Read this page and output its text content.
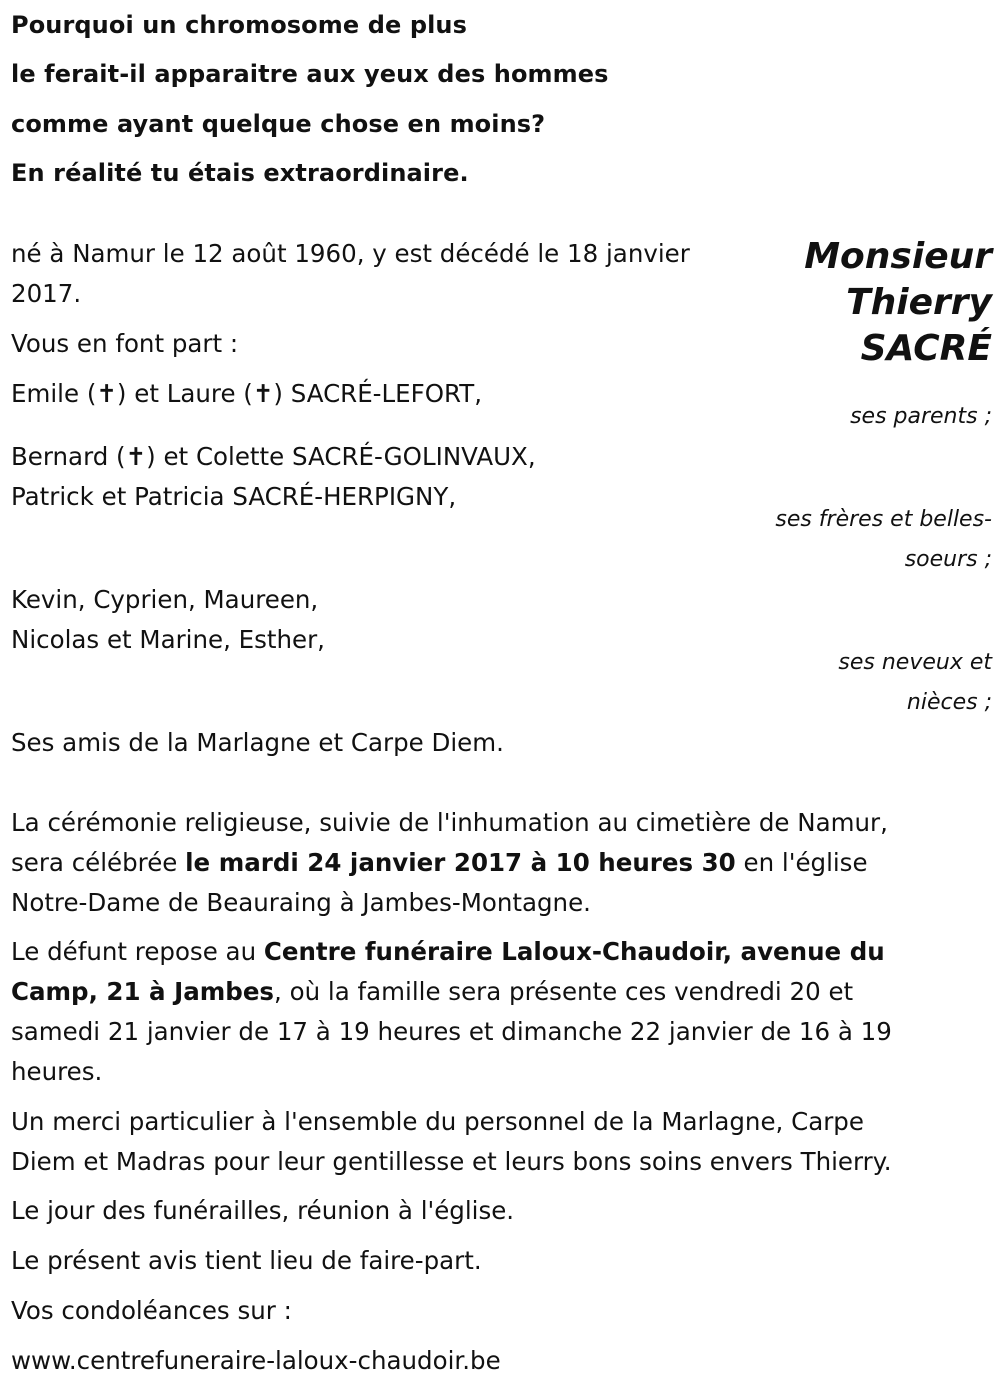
Pourquoi un chromosome de plus
le ferait-il apparaitre aux yeux des hommes
comme ayant quelque chose en moins?
En réalité tu étais extraordinaire.
Monsieur
Thierry
SACRÉ
né à Namur le 12 août 1960, y est décédé le 18 janvier
2017.
Vous en font part :
Emile (✝) et Laure (✝) SACRÉ-LEFORT,
ses parents ;
Bernard (✝) et Colette SACRÉ-GOLINVAUX,
Patrick et Patricia SACRÉ-HERPIGNY,
ses frères et belles-
soeurs ;
Kevin, Cyprien, Maureen,
Nicolas et Marine, Esther,
ses neveux et
nièces ;
Ses amis de la Marlagne et Carpe Diem.
La cérémonie religieuse, suivie de l'inhumation au cimetière de Namur,
sera célébrée le mardi 24 janvier 2017 à 10 heures 30 en l'église
Notre-Dame de Beauraing à Jambes-Montagne.
Le défunt repose au Centre funéraire Laloux-Chaudoir, avenue du
Camp, 21 à Jambes, où la famille sera présente ces vendredi 20 et
samedi 21 janvier de 17 à 19 heures et dimanche 22 janvier de 16 à 19
heures.
Un merci particulier à l'ensemble du personnel de la Marlagne, Carpe
Diem et Madras pour leur gentillesse et leurs bons soins envers Thierry.
Le jour des funérailles, réunion à l'église.
Le présent avis tient lieu de faire-part.
Vos condoléances sur :
www.centrefuneraire-laloux-chaudoir.be
